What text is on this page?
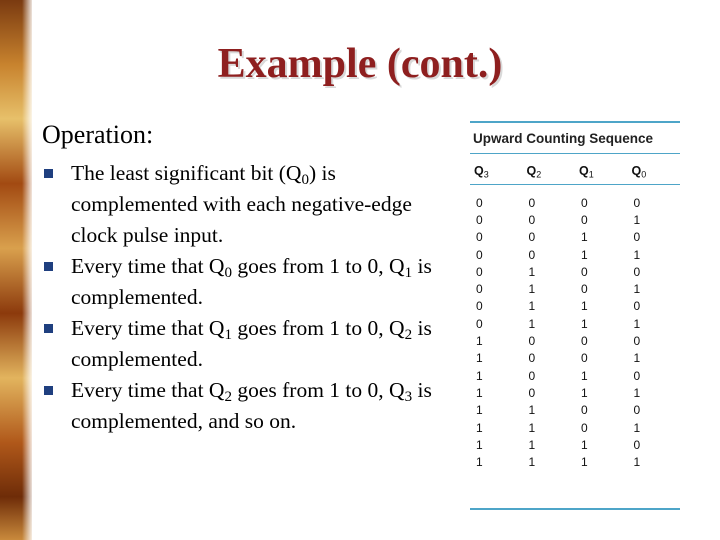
Example (cont.)
Operation:
The least significant bit $(Q_0)$ is complemented with each negative-edge clock pulse input.
Every time that $Q_0$ goes from 1 to 0, $Q_1$ is complemented.
Every time that $Q_1$ goes from 1 to 0, $Q_2$ is complemented.
Every time that $Q_2$ goes from 1 to 0, $Q_3$ is complemented, and so on.
Upward Counting Sequence
$Q_3$	$Q_2$	$Q_1$	$Q_0$
0	0	0	0
0	0	0	1
0	0	1	0
0	0	1	1
0	1	0	0
0	1	0	1
0	1	1	0
0	1	1	1
1	0	0	0
1	0	0	1
1	0	1	0
1	0	1	1
1	1	0	0
1	1	0	1
1	1	1	0
1	1	1	1
